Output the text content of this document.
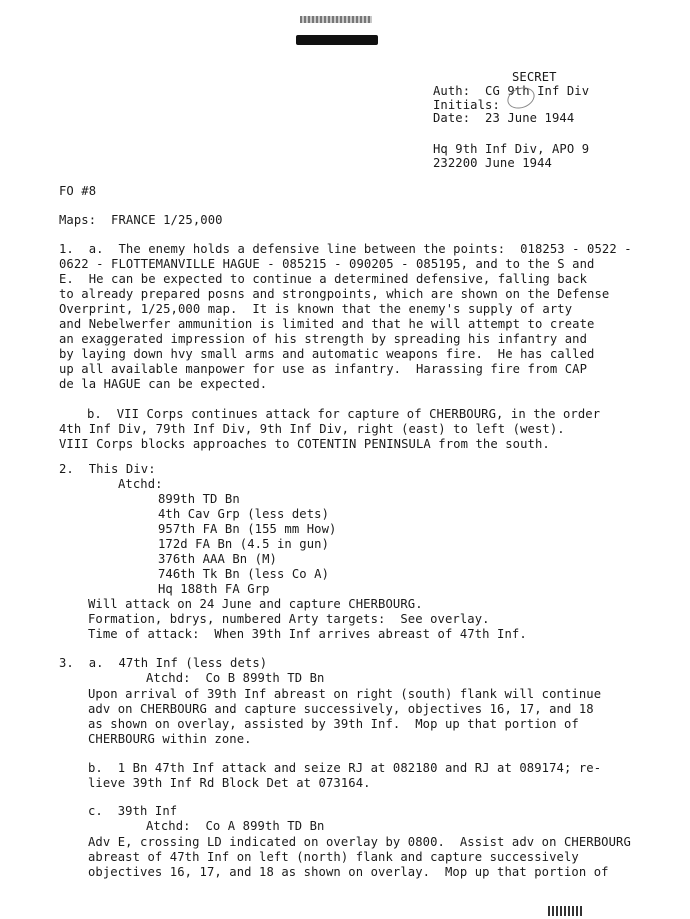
SECRET
Auth:  CG 9th Inf Div
Initials:
Date:  23 June 1944
Hq 9th Inf Div, APO 9
232200 June 1944
FO #8
Maps:  FRANCE 1/25,000
1.  a.  The enemy holds a defensive line between the points:  018253 - 0522 -
0622 - FLOTTEMANVILLE HAGUE - 085215 - 090205 - 085195, and to the S and
E.  He can be expected to continue a determined defensive, falling back
to already prepared posns and strongpoints, which are shown on the Defense
Overprint, 1/25,000 map.  It is known that the enemy's supply of arty
and Nebelwerfer ammunition is limited and that he will attempt to create
an exaggerated impression of his strength by spreading his infantry and
by laying down hvy small arms and automatic weapons fire.  He has called
up all available manpower for use as infantry.  Harassing fire from CAP
de la HAGUE can be expected.
b.  VII Corps continues attack for capture of CHERBOURG, in the order
4th Inf Div, 79th Inf Div, 9th Inf Div, right (east) to left (west).
VIII Corps blocks approaches to COTENTIN PENINSULA from the south.
2.  This Div:
Atchd:
899th TD Bn
4th Cav Grp (less dets)
957th FA Bn (155 mm How)
172d FA Bn (4.5 in gun)
376th AAA Bn (M)
746th Tk Bn (less Co A)
Hq 188th FA Grp
Will attack on 24 June and capture CHERBOURG.
Formation, bdrys, numbered Arty targets:  See overlay.
Time of attack:  When 39th Inf arrives abreast of 47th Inf.
3.  a.  47th Inf (less dets)
Atchd:  Co B 899th TD Bn
Upon arrival of 39th Inf abreast on right (south) flank will continue
adv on CHERBOURG and capture successively, objectives 16, 17, and 18
as shown on overlay, assisted by 39th Inf.  Mop up that portion of
CHERBOURG within zone.
b.  1 Bn 47th Inf attack and seize RJ at 082180 and RJ at 089174; re-
lieve 39th Inf Rd Block Det at 073164.
c.  39th Inf
Atchd:  Co A 899th TD Bn
Adv E, crossing LD indicated on overlay by 0800.  Assist adv on CHERBOURG
abreast of 47th Inf on left (north) flank and capture successively
objectives 16, 17, and 18 as shown on overlay.  Mop up that portion of
